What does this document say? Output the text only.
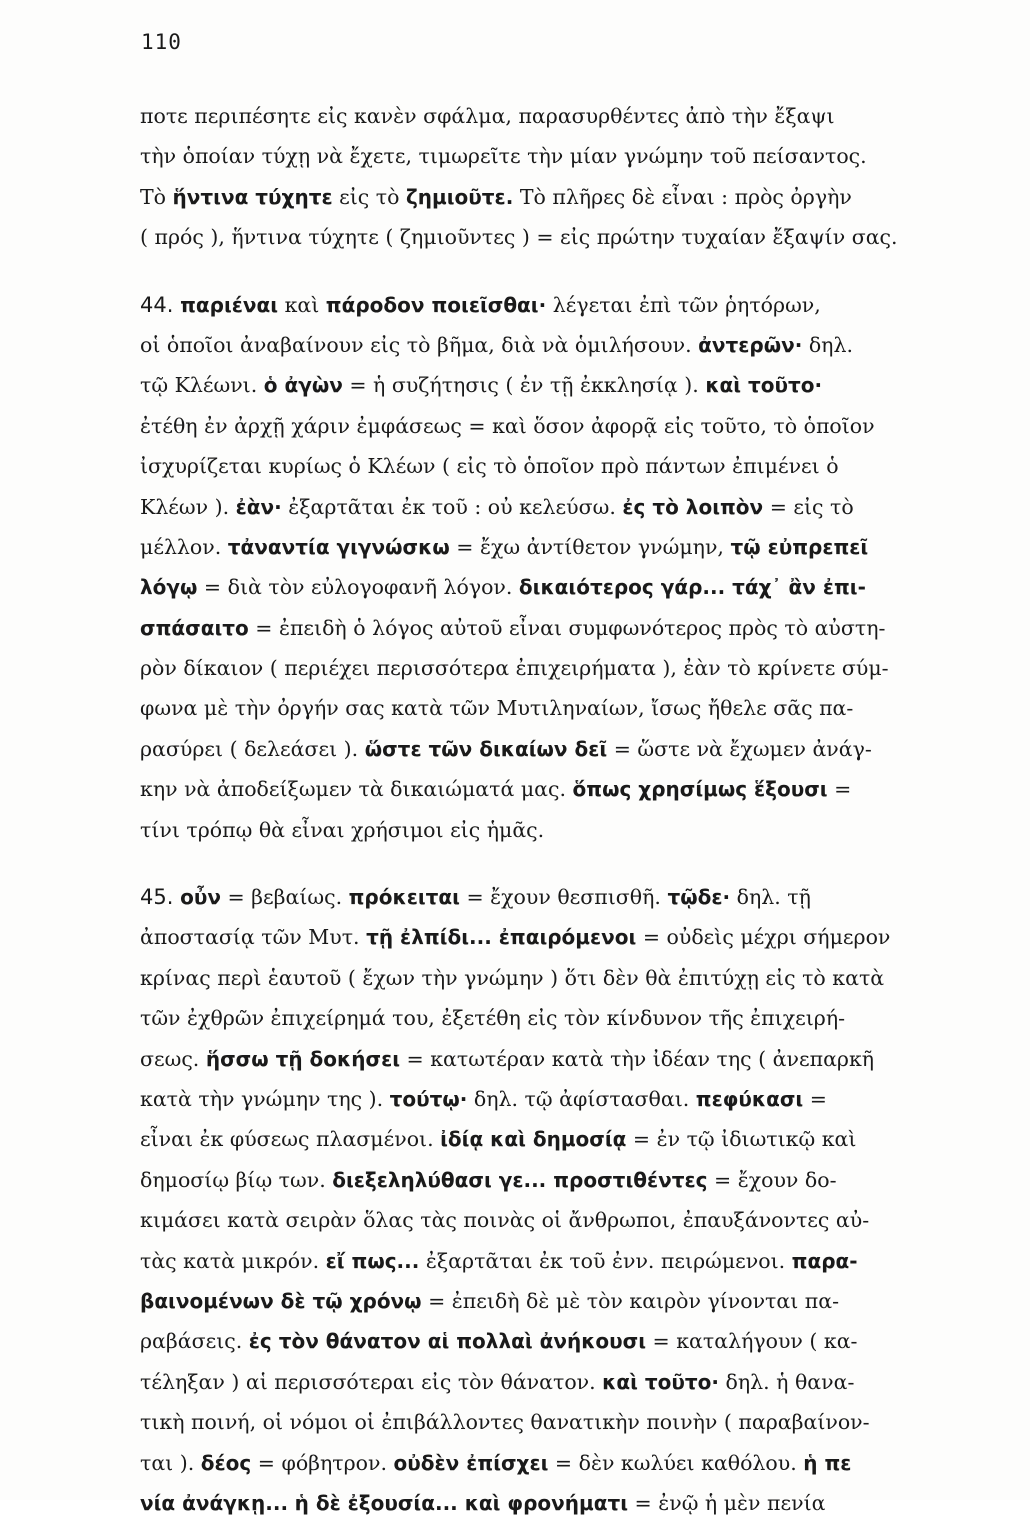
110
ποτε περιπέσητε εἰς κανὲν σφάλμα, παρασυρθέντες ἀπὸ τὴν ἔξαψι
τὴν ὁποίαν τύχῃ νὰ ἔχετε, τιμωρεῖτε τὴν μίαν γνώμην τοῦ πείσαντος.
Τὸ ἥντινα τύχητε εἰς τὸ ζημιοῦτε. Τὸ πλῆρες δὲ εἶναι : πρὸς ὀργὴν
( πρός ), ἥντινα τύχητε ( ζημιοῦντες ) = εἰς πρώτην τυχαίαν ἔξαψίν σας.
44. παριέναι καὶ πάροδον ποιεῖσθαι· λέγεται ἐπὶ τῶν ῥητόρων,
οἱ ὁποῖοι ἀναβαίνουν εἰς τὸ βῆμα, διὰ νὰ ὁμιλήσουν. ἀντερῶν· δηλ.
τῷ Κλέωνι. ὁ ἀγὼν = ἡ συζήτησις ( ἐν τῇ ἐκκλησίᾳ ). καὶ τοῦτο·
ἐτέθη ἐν ἀρχῇ χάριν ἐμφάσεως = καὶ ὅσον ἀφορᾷ εἰς τοῦτο, τὸ ὁποῖον
ἰσχυρίζεται κυρίως ὁ Κλέων ( εἰς τὸ ὁποῖον πρὸ πάντων ἐπιμένει ὁ
Κλέων ). ἐὰν· ἐξαρτᾶται ἐκ τοῦ : οὐ κελεύσω. ἐς τὸ λοιπὸν = εἰς τὸ
μέλλον. τἀναντία γιγνώσκω = ἔχω ἀντίθετον γνώμην, τῷ εὐπρεπεῖ
λόγῳ = διὰ τὸν εὐλογοφανῆ λόγον. δικαιότερος γάρ... τάχ᾽ ἂν ἐπι-
σπάσαιτο = ἐπειδὴ ὁ λόγος αὐτοῦ εἶναι συμφωνότερος πρὸς τὸ αὐστη-
ρὸν δίκαιον ( περιέχει περισσότερα ἐπιχειρήματα ), ἐὰν τὸ κρίνετε σύμ-
φωνα μὲ τὴν ὀργήν σας κατὰ τῶν Μυτιληναίων, ἴσως ἤθελε σᾶς πα-
ρασύρει ( δελεάσει ). ὥστε τῶν δικαίων δεῖ = ὥστε νὰ ἔχωμεν ἀνάγ-
κην νὰ ἀποδείξωμεν τὰ δικαιώματά μας. ὅπως χρησίμως ἕξουσι =
τίνι τρόπῳ θὰ εἶναι χρήσιμοι εἰς ἡμᾶς.
45. οὖν = βεβαίως. πρόκειται = ἔχουν θεσπισθῆ. τῷδε· δηλ. τῇ
ἀποστασίᾳ τῶν Μυτ. τῇ ἐλπίδι... ἐπαιρόμενοι = οὐδεὶς μέχρι σήμερον
κρίνας περὶ ἑαυτοῦ ( ἔχων τὴν γνώμην ) ὅτι δὲν θὰ ἐπιτύχῃ εἰς τὸ κατὰ
τῶν ἐχθρῶν ἐπιχείρημά του, ἐξετέθη εἰς τὸν κίνδυνον τῆς ἐπιχειρή-
σεως. ἥσσω τῇ δοκήσει = κατωτέραν κατὰ τὴν ἰδέαν της ( ἀνεπαρκῆ
κατὰ τὴν γνώμην της ). τούτῳ· δηλ. τῷ ἀφίστασθαι. πεφύκασι =
εἶναι ἐκ φύσεως πλασμένοι. ἰδίᾳ καὶ δημοσίᾳ = ἐν τῷ ἰδιωτικῷ καὶ
δημοσίῳ βίῳ των. διεξεληλύθασι γε... προστιθέντες = ἔχουν δο-
κιμάσει κατὰ σειρὰν ὅλας τὰς ποινὰς οἱ ἄνθρωποι, ἐπαυξάνοντες αὐ-
τὰς κατὰ μικρόν. εἴ πως... ἐξαρτᾶται ἐκ τοῦ ἐνν. πειρώμενοι. παρα-
βαινομένων δὲ τῷ χρόνῳ = ἐπειδὴ δὲ μὲ τὸν καιρὸν γίνονται πα-
ραβάσεις. ἐς τὸν θάνατον αἱ πολλαὶ ἀνήκουσι = καταλήγουν ( κα-
τέληξαν ) αἱ περισσότεραι εἰς τὸν θάνατον. καὶ τοῦτο· δηλ. ἡ θανα-
τικὴ ποινή, οἱ νόμοι οἱ ἐπιβάλλοντες θανατικὴν ποινὴν ( παραβαίνον-
ται ). δέος = φόβητρον. οὐδὲν ἐπίσχει = δὲν κωλύει καθόλου. ἡ πε
νία ἀνάγκῃ... ἡ δὲ ἐξουσία... καὶ φρονήματι = ἐνῷ ἡ μὲν πενία
